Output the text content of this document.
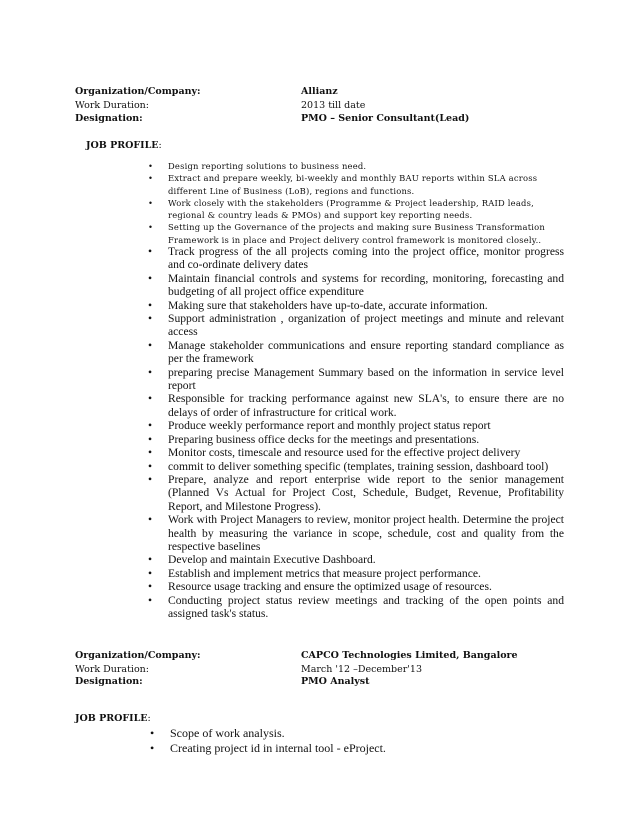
Organization/Company:	Allianz
Work Duration:	2013 till date
Designation:	PMO – Senior Consultant(Lead)
JOB PROFILE:
• Design reporting solutions to business need.
• Extract and prepare weekly, bi-weekly and monthly BAU reports within SLA across different Line of Business (LoB), regions and functions.
• Work closely with the stakeholders (Programme & Project leadership, RAID leads, regional & country leads & PMOs) and support key reporting needs.
• Setting up the Governance of the projects and making sure Business Transformation Framework is in place and Project delivery control framework is monitored closely..
• Track progress of the all projects coming into the project office, monitor progress and co-ordinate delivery dates
• Maintain financial controls and systems for recording, monitoring, forecasting and budgeting of all project office expenditure
• Making sure that stakeholders have up-to-date, accurate information.
• Support administration , organization of project meetings and minute and relevant access
• Manage stakeholder communications and ensure reporting standard compliance as per the framework
• preparing precise Management Summary based on the information in service level report
• Responsible for tracking performance against new SLA's, to ensure there are no delays of order of infrastructure for critical work.
• Produce weekly performance report and monthly project status report
• Preparing business office decks for the meetings and presentations.
• Monitor costs, timescale and resource used for the effective project delivery
• commit to deliver something specific (templates, training session, dashboard tool)
• Prepare, analyze and report enterprise wide report to the senior management (Planned Vs Actual for Project Cost, Schedule, Budget, Revenue, Profitability Report, and Milestone Progress).
• Work with Project Managers to review, monitor project health. Determine the project health by measuring the variance in scope, schedule, cost and quality from the respective baselines
• Develop and maintain Executive Dashboard.
• Establish and implement metrics that measure project performance.
• Resource usage tracking and ensure the optimized usage of resources.
• Conducting project status review meetings and tracking of the open points and assigned task's status.
Organization/Company:	CAPCO Technologies Limited, Bangalore
Work Duration:	March '12 –December'13
Designation:	PMO Analyst
JOB PROFILE:
• Scope of work analysis.
• Creating project id in internal tool - eProject.
